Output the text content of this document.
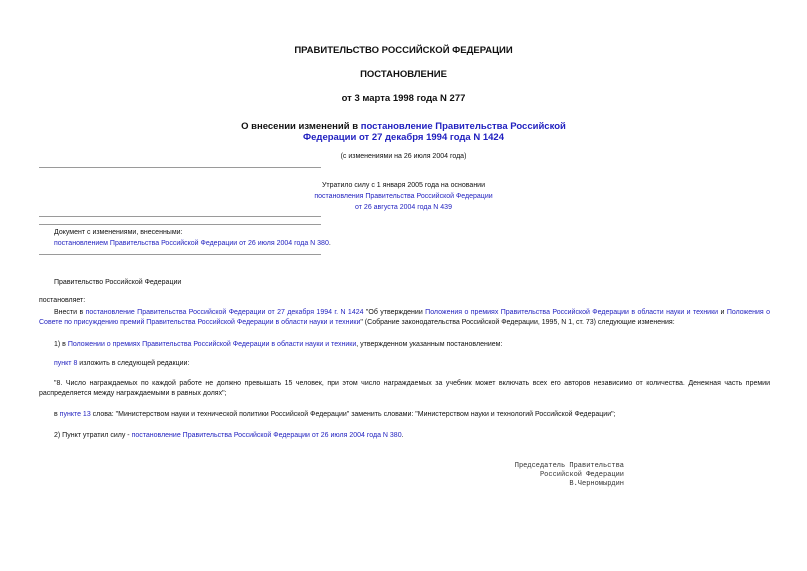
ПРАВИТЕЛЬСТВО РОССИЙСКОЙ ФЕДЕРАЦИИ
ПОСТАНОВЛЕНИЕ
от 3 марта 1998 года N 277
О внесении изменений в постановление Правительства Российской
Федерации от 27 декабря 1994 года N 1424
(с изменениями на 26 июля 2004 года)
Утратило силу с 1 января 2005 года на основании
постановления Правительства Российской Федерации
от 26 августа 2004 года N 439
Документ с изменениями, внесенными:
постановлением Правительства Российской Федерации от 26 июля 2004 года N 380.
Правительство Российской Федерации
постановляет:
Внести в постановление Правительства Российской Федерации от 27 декабря 1994 г. N 1424 "Об утверждении Положения о премиях Правительства Российской Федерации в области науки и техники и Положения о Совете по присуждению премий Правительства Российской Федерации в области науки и техники" (Собрание законодательства Российской Федерации, 1995, N 1, ст. 73) следующие изменения:
1) в Положении о премиях Правительства Российской Федерации в области науки и техники, утвержденном указанным постановлением:
пункт 8 изложить в следующей редакции:
"8. Число награждаемых по каждой работе не должно превышать 15 человек, при этом число награждаемых за учебник может включать всех его авторов независимо от количества. Денежная часть премии распределяется между награждаемыми в равных долях";
в пункте 13 слова: "Министерством науки и технической политики Российской Федерации" заменить словами: "Министерством науки и технологий Российской Федерации";
2) Пункт утратил силу - постановление Правительства Российской Федерации от 26 июля 2004 года N 380.
Председатель Правительства
Российской Федерации
В.Черномырдин
